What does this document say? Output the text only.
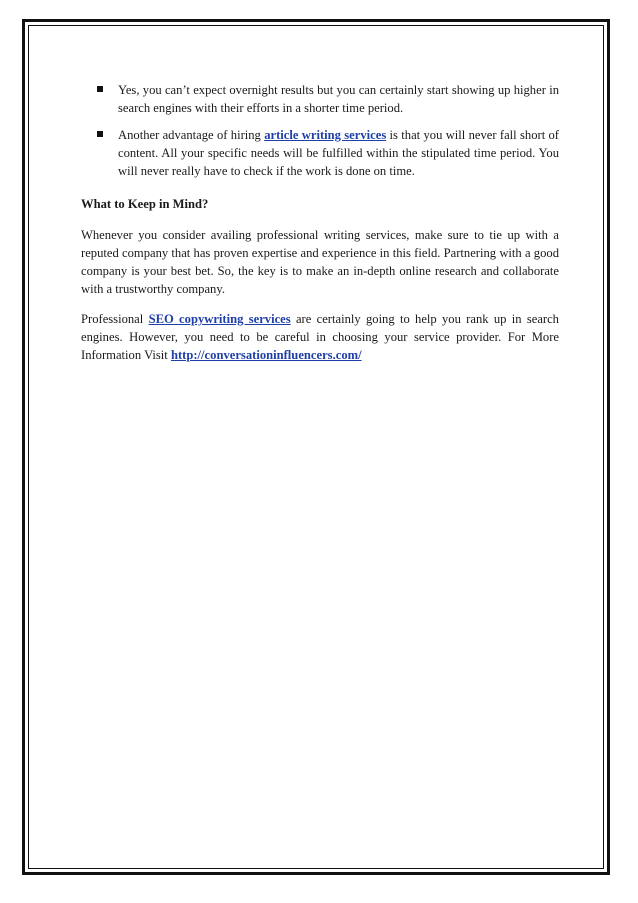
Yes, you can’t expect overnight results but you can certainly start showing up higher in search engines with their efforts in a shorter time period.
Another advantage of hiring article writing services is that you will never fall short of content. All your specific needs will be fulfilled within the stipulated time period. You will never really have to check if the work is done on time.
What to Keep in Mind?

Whenever you consider availing professional writing services, make sure to tie up with a reputed company that has proven expertise and experience in this field. Partnering with a good company is your best bet. So, the key is to make an in-depth online research and collaborate with a trustworthy company.

Professional SEO copywriting services are certainly going to help you rank up in search engines. However, you need to be careful in choosing your service provider. For More Information Visit http://conversationinfluencers.com/
